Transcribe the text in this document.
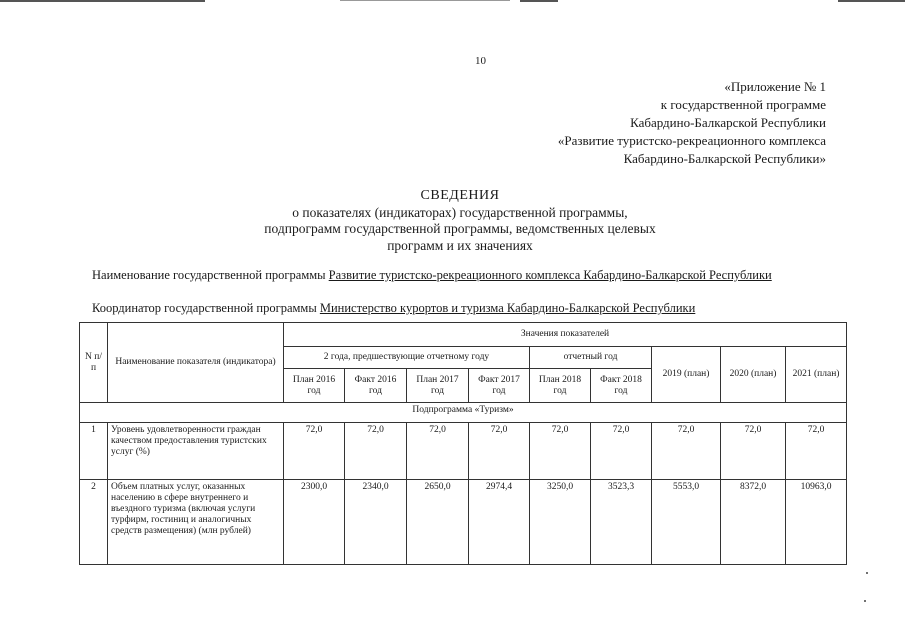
10
«Приложение № 1
к государственной программе
Кабардино-Балкарской Республики
«Развитие туристско-рекреационного комплекса
Кабардино-Балкарской Республики»
СВЕДЕНИЯ
о показателях (индикаторах) государственной программы,
подпрограмм государственной программы, ведомственных целевых
программ и их значениях
Наименование государственной программы Развитие туристско-рекреационного комплекса Кабардино-Балкарской Республики
Координатор государственной программы Министерство курортов и туризма Кабардино-Балкарской Республики
N п/п	Наименование показателя (индикатора)	Значения показателей								
		2 года, предшествующие отчетному году				отчетный год		2019 (план)	2020 (план)	2021 (план)
		План 2016 год	Факт 2016 год	План 2017 год	Факт 2017 год	План 2018 год	Факт 2018 год			
Подпрограмма «Туризм»										
1	Уровень удовлетворенности граждан качеством предоставления туристских услуг (%)	72,0	72,0	72,0	72,0	72,0	72,0	72,0	72,0	72,0
2	Объем платных услуг, оказанных населению в сфере внутреннего и въездного туризма (включая услуги турфирм, гостиниц и аналогичных средств размещения) (млн рублей)	2300,0	2340,0	2650,0	2974,4	3250,0	3523,3	5553,0	8372,0	10963,0
